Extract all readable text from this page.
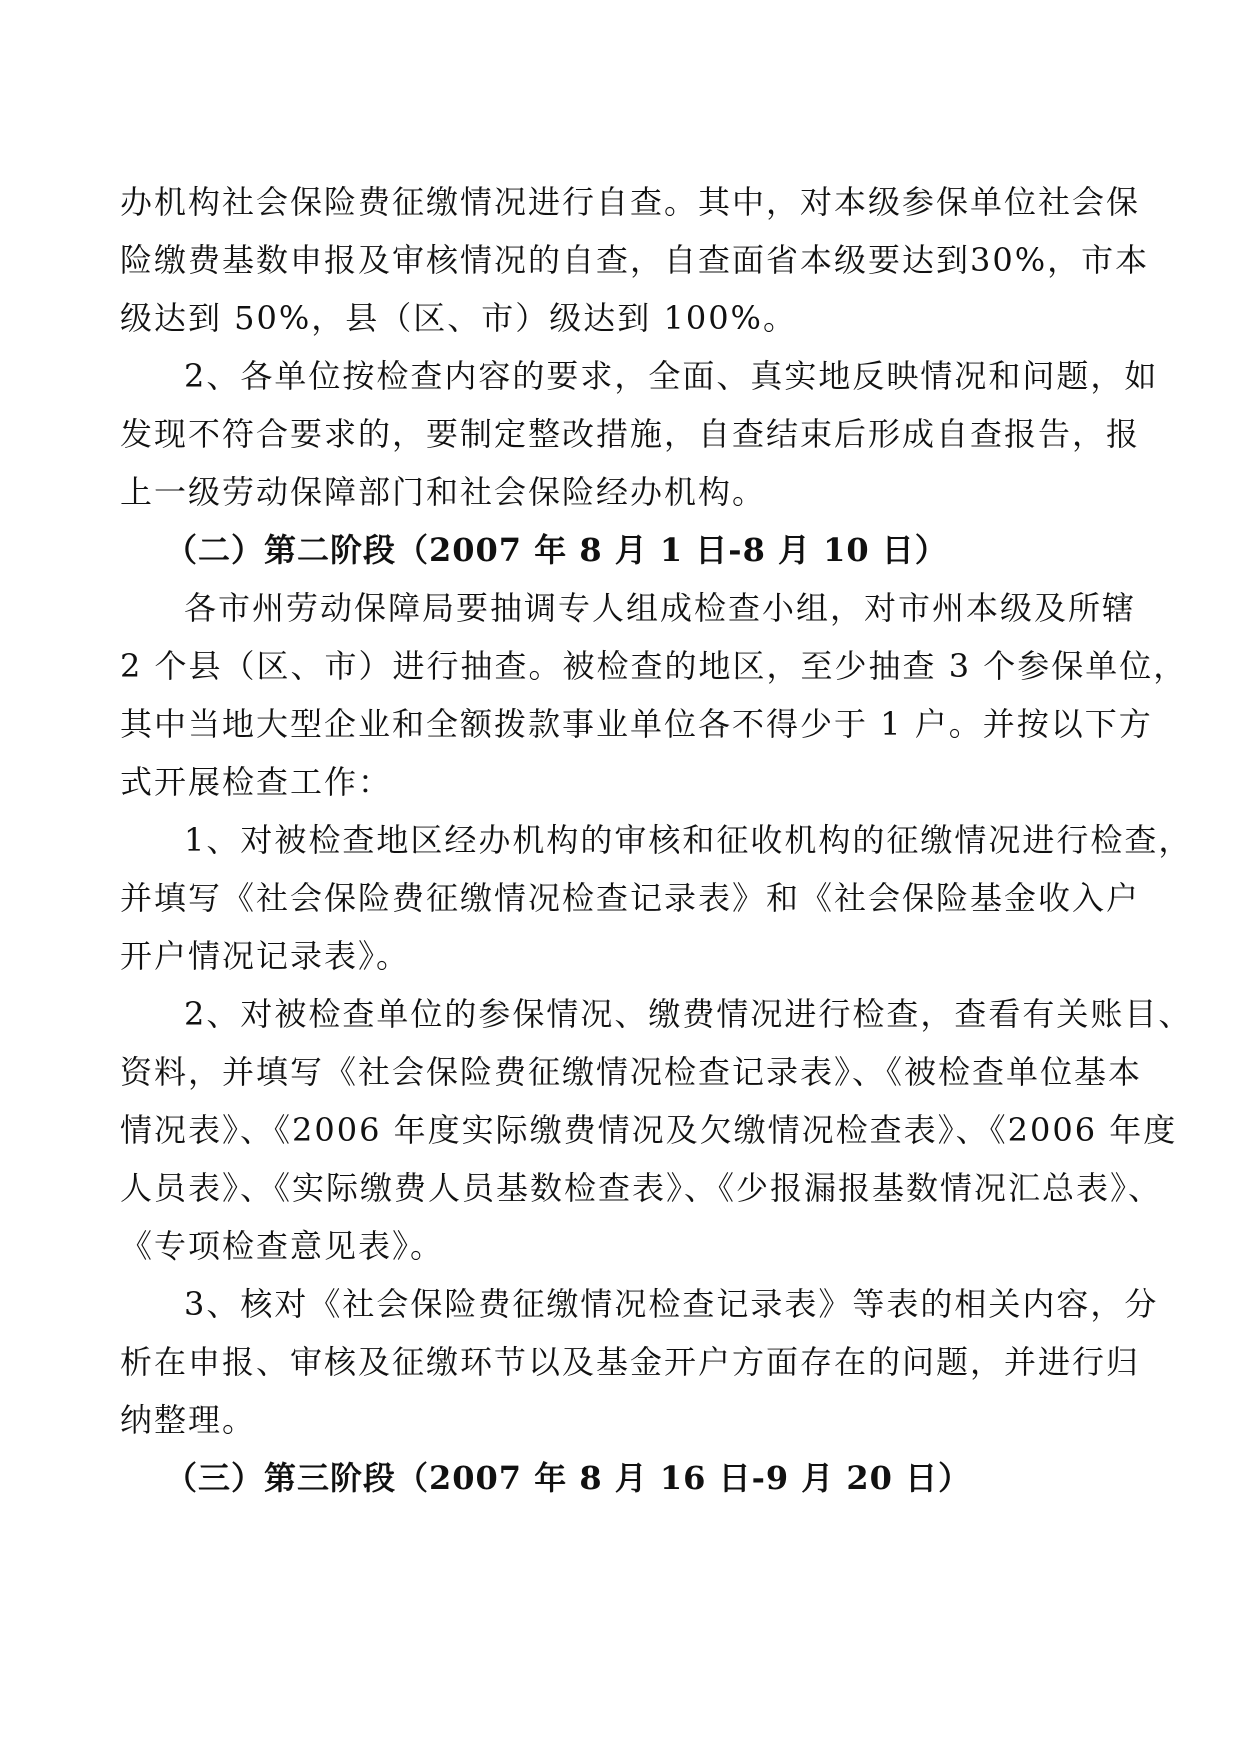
办机构社会保险费征缴情况进行自查。其中，对本级参保单位社会保
险缴费基数申报及审核情况的自查，自查面省本级要达到30%，市本
级达到 50%，县（区、市）级达到 100%。
2、各单位按检查内容的要求，全面、真实地反映情况和问题，如
发现不符合要求的，要制定整改措施，自查结束后形成自查报告，报
上一级劳动保障部门和社会保险经办机构。
（二）第二阶段（2007 年 8 月 1 日-8 月 10 日）
各市州劳动保障局要抽调专人组成检查小组，对市州本级及所辖
2 个县（区、市）进行抽查。被检查的地区，至少抽查 3 个参保单位，
其中当地大型企业和全额拨款事业单位各不得少于 1 户。并按以下方
式开展检查工作：
1、对被检查地区经办机构的审核和征收机构的征缴情况进行检查，
并填写《社会保险费征缴情况检查记录表》和《社会保险基金收入户
开户情况记录表》。
2、对被检查单位的参保情况、缴费情况进行检查，查看有关账目、
资料，并填写《社会保险费征缴情况检查记录表》、《被检查单位基本
情况表》、《2006 年度实际缴费情况及欠缴情况检查表》、《2006 年度
人员表》、《实际缴费人员基数检查表》、《少报漏报基数情况汇总表》、
《专项检查意见表》。
3、核对《社会保险费征缴情况检查记录表》等表的相关内容，分
析在申报、审核及征缴环节以及基金开户方面存在的问题，并进行归
纳整理。
（三）第三阶段（2007 年 8 月 16 日-9 月 20 日）
